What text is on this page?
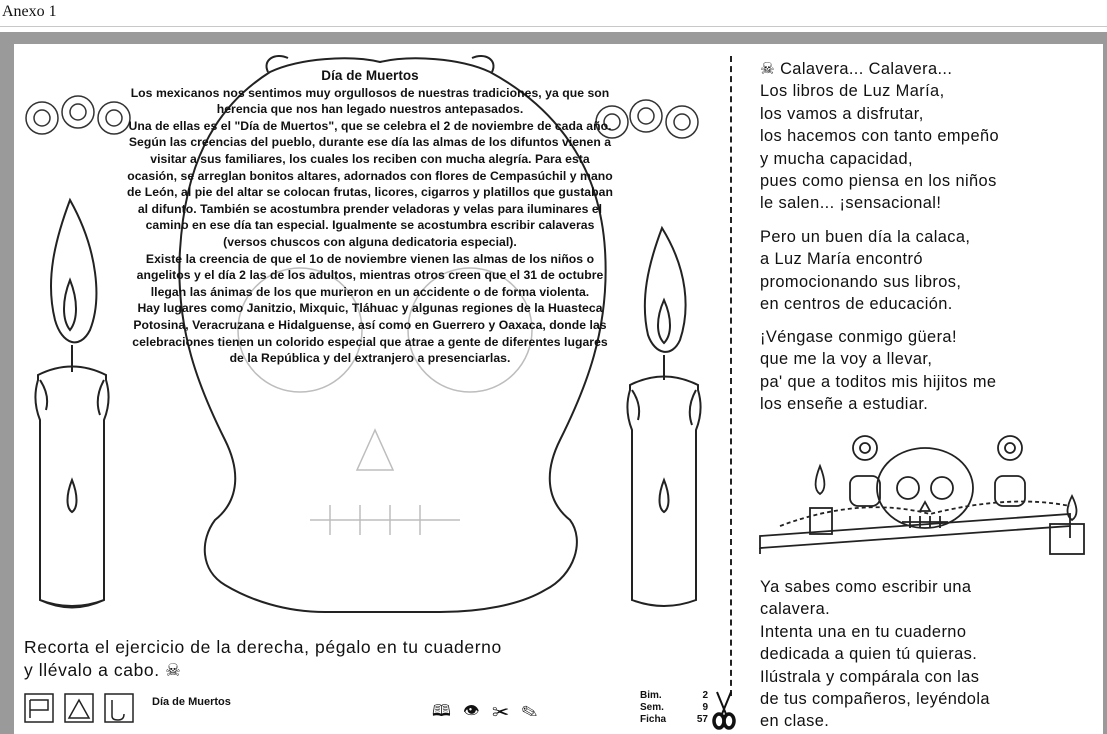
Anexo 1

Día de Muertos

Los mexicanos nos sentimos muy orgullosos de nuestras tradiciones, ya que son herencia que nos han legado nuestros antepasados.

Una de ellas es el "Día de Muertos", que se celebra el 2 de noviembre de cada año. Según las creencias del pueblo, durante ese día las almas de los difuntos vienen a visitar a sus familiares, los cuales los reciben con mucha alegría. Para esta ocasión, se arreglan bonitos altares, adornados con flores de Cempasúchil y mano de León, al pie del altar se colocan frutas, licores, cigarros y platillos que gustaban al difunto. También se acostumbra prender veladoras y velas para iluminares el camino en ese día tan especial. Igualmente se acostumbra escribir calaveras (versos chuscos con alguna dedicatoria especial).

Existe la creencia de que el 1o de noviembre vienen las almas de los niños o angelitos y el día 2 las de los adultos, mientras otros creen que el 31 de octubre llegan las ánimas de los que murieron en un accidente o de forma violenta.

Hay lugares como Janitzio, Mixquic, Tláhuac y algunas regiones de la Huasteca Potosina, Veracruzana e Hidalguense, así como en Guerrero y Oaxaca, donde las celebraciones tienen un colorido especial que atrae a gente de diferentes lugares de la República y del extranjero a presenciarlas.

Recorta el ejercicio de la derecha, pégalo en tu cuaderno
y llévalo a cabo. ☠
Día de Muertos
🕮 👁 ✂ ✎
Bim.	2
Sem.	9
Ficha	57

☠ Calavera... Calavera...

Los libros de Luz María,

los vamos a disfrutar,

los hacemos con tanto empeño

y mucha capacidad,

pues como piensa en los niños

le salen... ¡sensacional!

Pero un buen día la calaca,

a Luz María encontró

promocionando sus libros,

en centros de educación.

¡Véngase conmigo güera!

que me la voy a llevar,

pa' que a toditos mis hijitos me

los enseñe a estudiar.

Ya sabes como escribir una

calavera.

Intenta una en tu cuaderno

dedicada a quien tú quieras.

Ilústrala y compárala con las

de tus compañeros, leyéndola

en clase.
